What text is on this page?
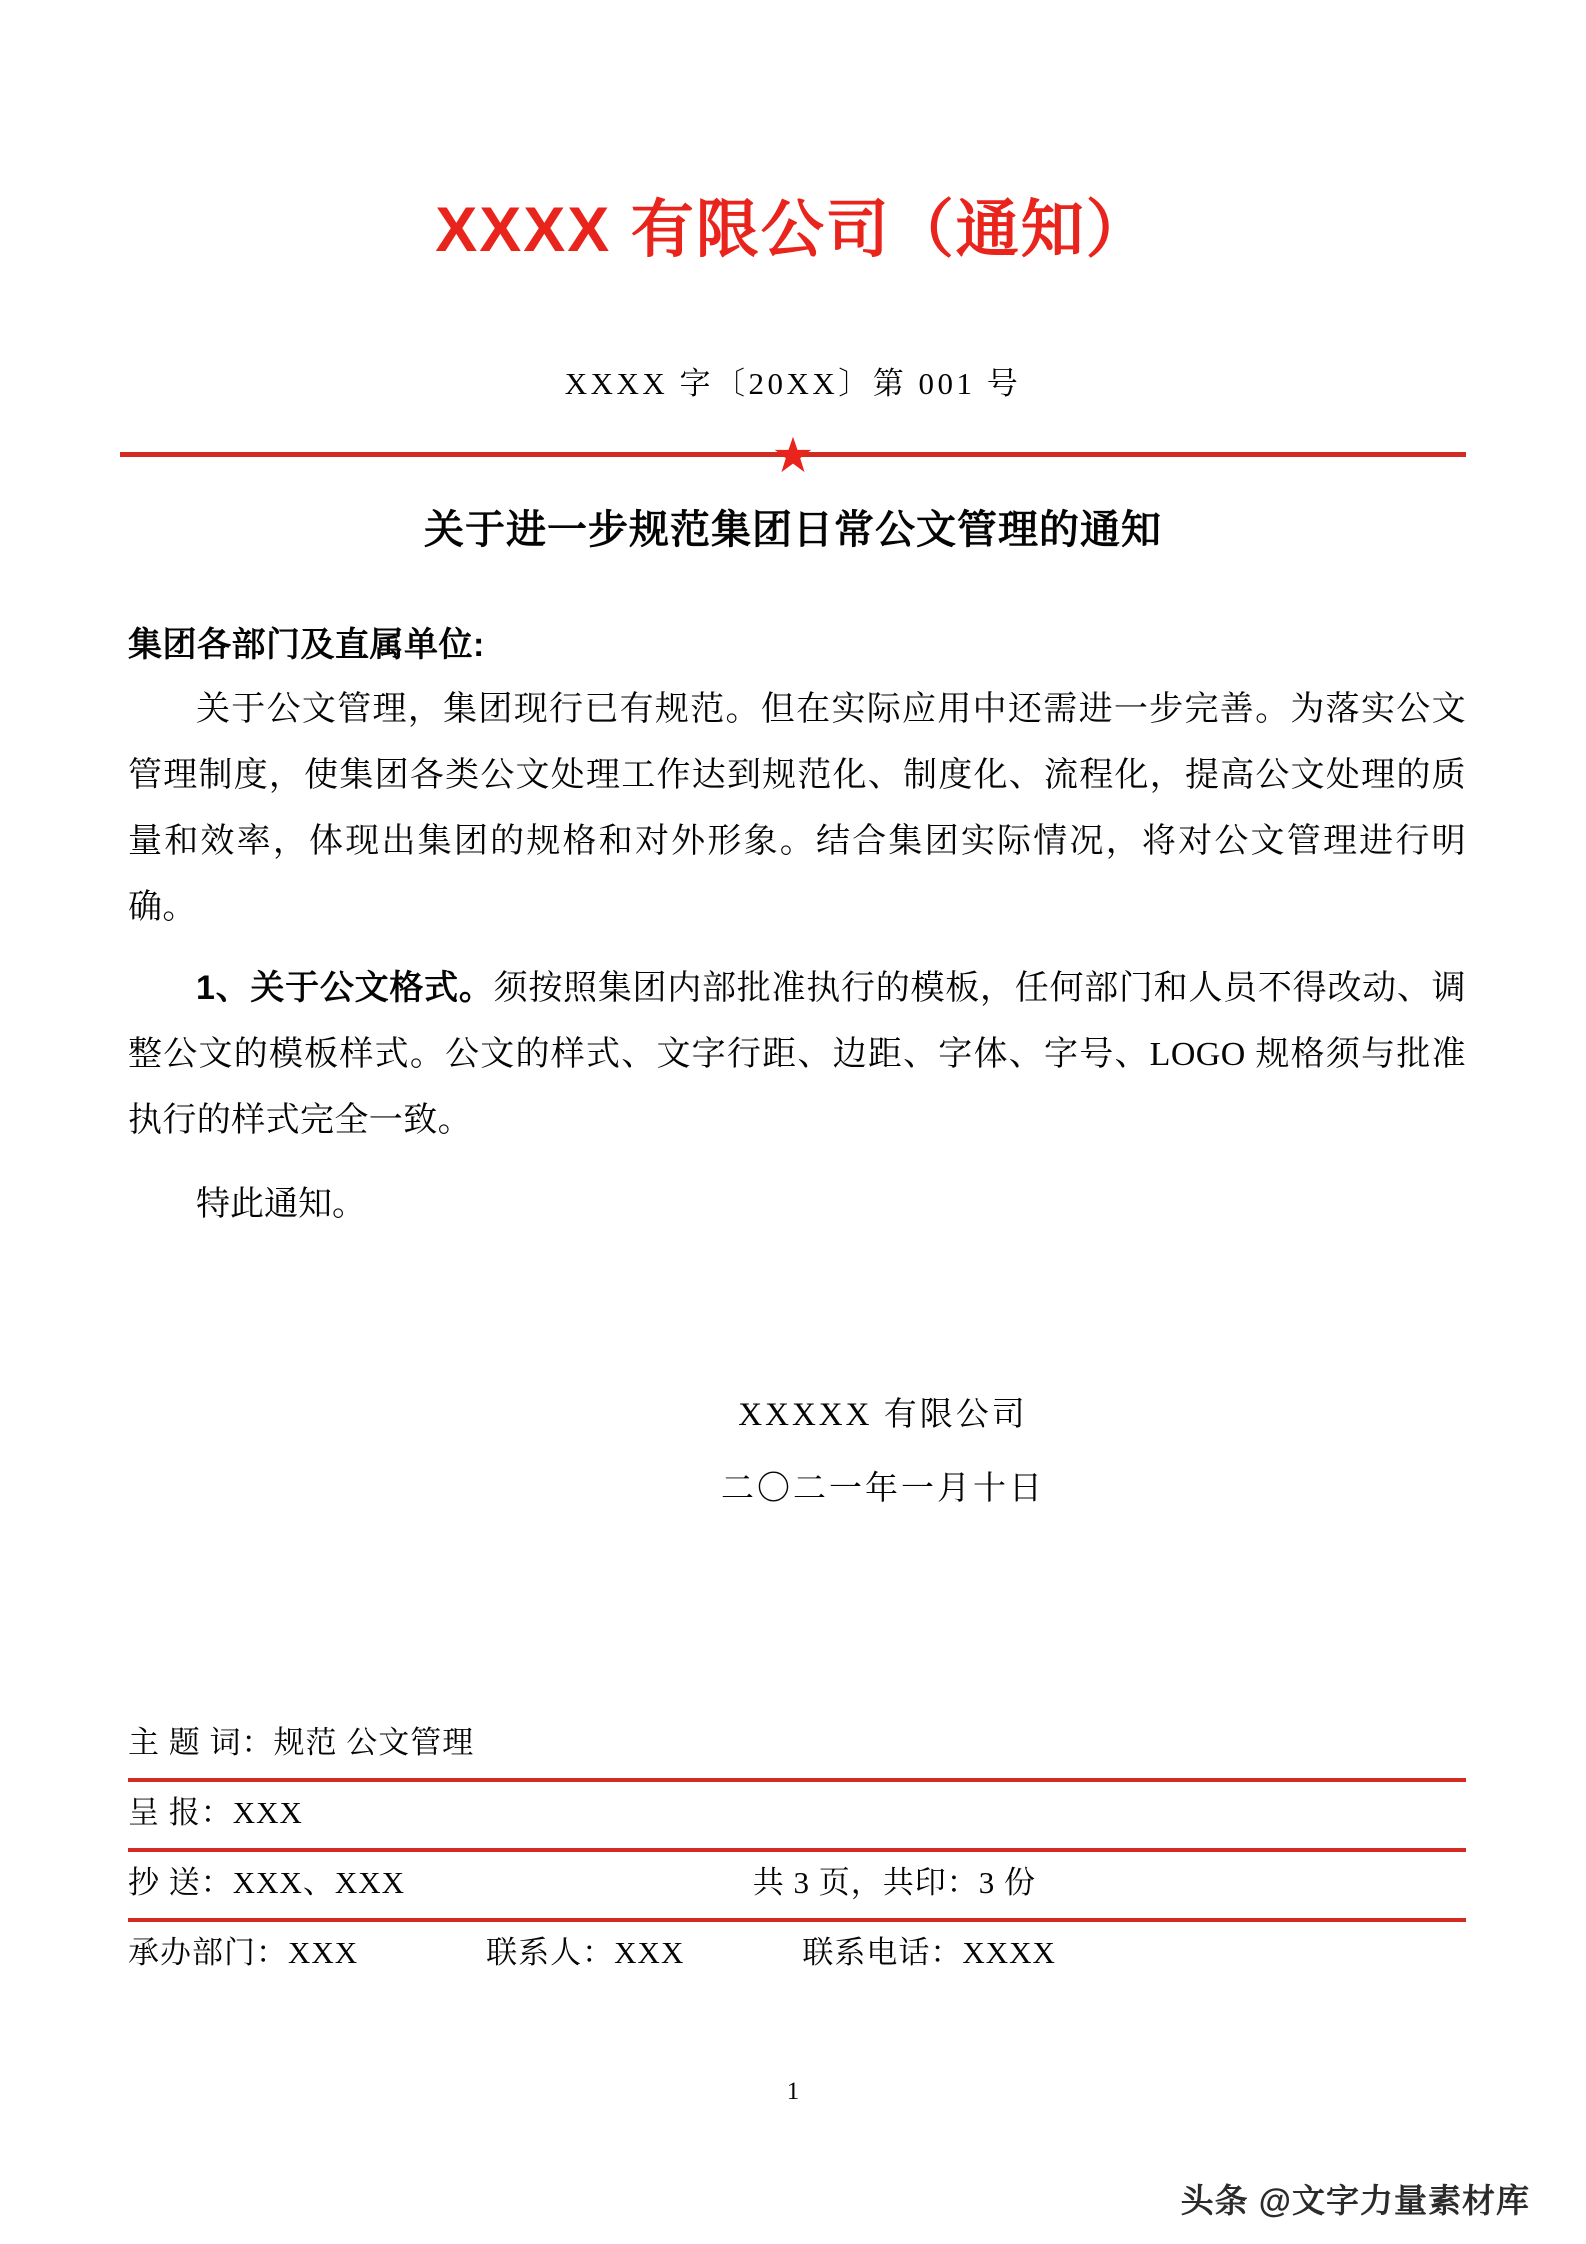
XXXX 有限公司（通知）
XXXX 字〔20XX〕第 001 号
关于进一步规范集团日常公文管理的通知

集团各部门及直属单位:

关于公文管理，集团现行已有规范。但在实际应用中还需进一步完善。为落实公文管理制度，使集团各类公文处理工作达到规范化、制度化、流程化，提高公文处理的质量和效率，体现出集团的规格和对外形象。结合集团实际情况，将对公文管理进行明确。

1、关于公文格式。须按照集团内部批准执行的模板，任何部门和人员不得改动、调整公文的模板样式。公文的样式、文字行距、边距、字体、字号、LOGO 规格须与批准执行的样式完全一致。

特此通知。

XXXXX 有限公司
二〇二一年一月十日
主 题 词：规范 公文管理
呈 报：XXX
抄 送：XXX、XXX	共 3 页，共印：3 份
承办部门：XXX	联系人：XXX	联系电话：XXXX
1
头条 @文字力量素材库
